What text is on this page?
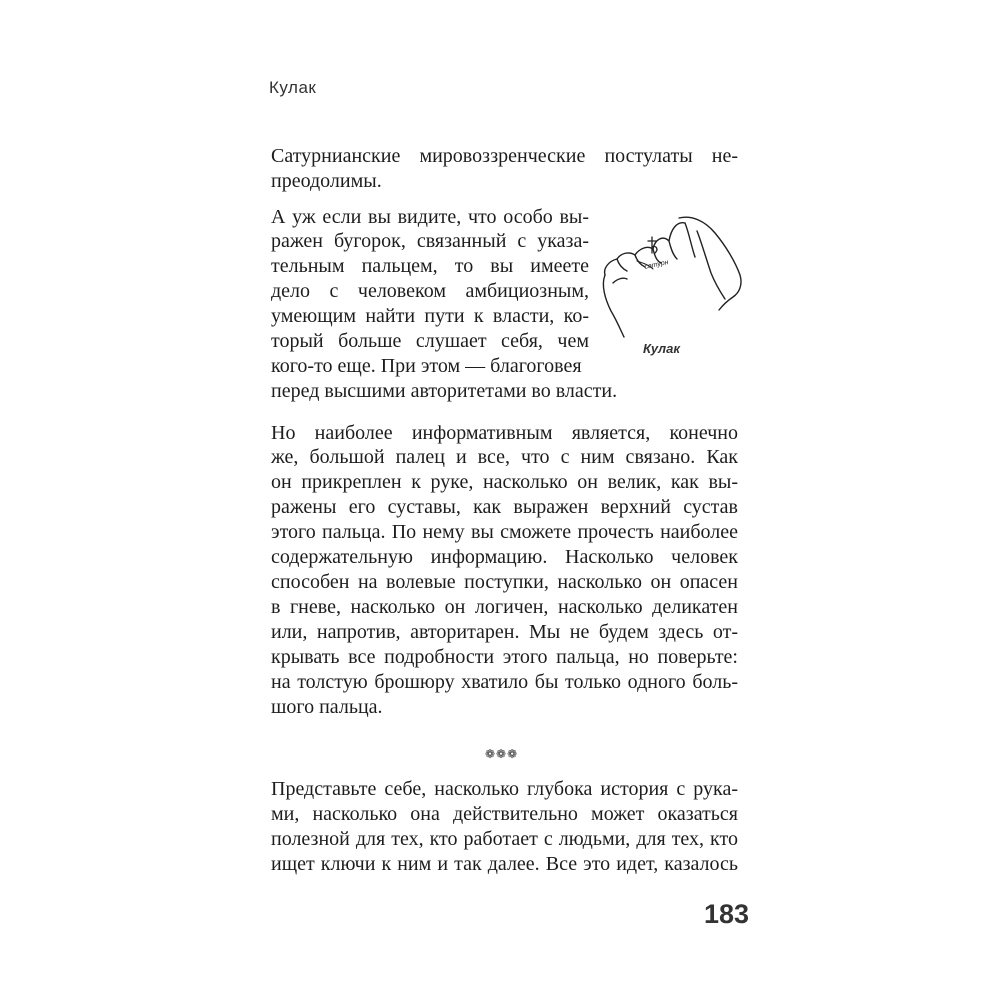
Кулак
Сатурнианские мировоззренческие постулаты не-
преодолимы.
А уж если вы видите, что особо вы-
ражен бугорок, связанный с указа-
тельным пальцем, то вы имеете
дело с человеком амбициозным,
умеющим найти пути к власти, ко-
торый больше слушает себя, чем
кого-то еще. При этом — благоговея
перед высшими авторитетами во власти.
сатурн
Кулак
Но наиболее информативным является, конечно
же, большой палец и все, что с ним связано. Как
он прикреплен к руке, насколько он велик, как вы-
ражены его суставы, как выражен верхний сустав
этого пальца. По нему вы сможете прочесть наиболее
содержательную информацию. Насколько человек
способен на волевые поступки, насколько он опасен
в гневе, насколько он логичен, насколько деликатен
или, напротив, авторитарен. Мы не будем здесь от-
крывать все подробности этого пальца, но поверьте:
на толстую брошюру хватило бы только одного боль-
шого пальца.
❁❁❁
Представьте себе, насколько глубока история с рука-
ми, насколько она действительно может оказаться
полезной для тех, кто работает с людьми, для тех, кто
ищет ключи к ним и так далее. Все это идет, казалось
183
